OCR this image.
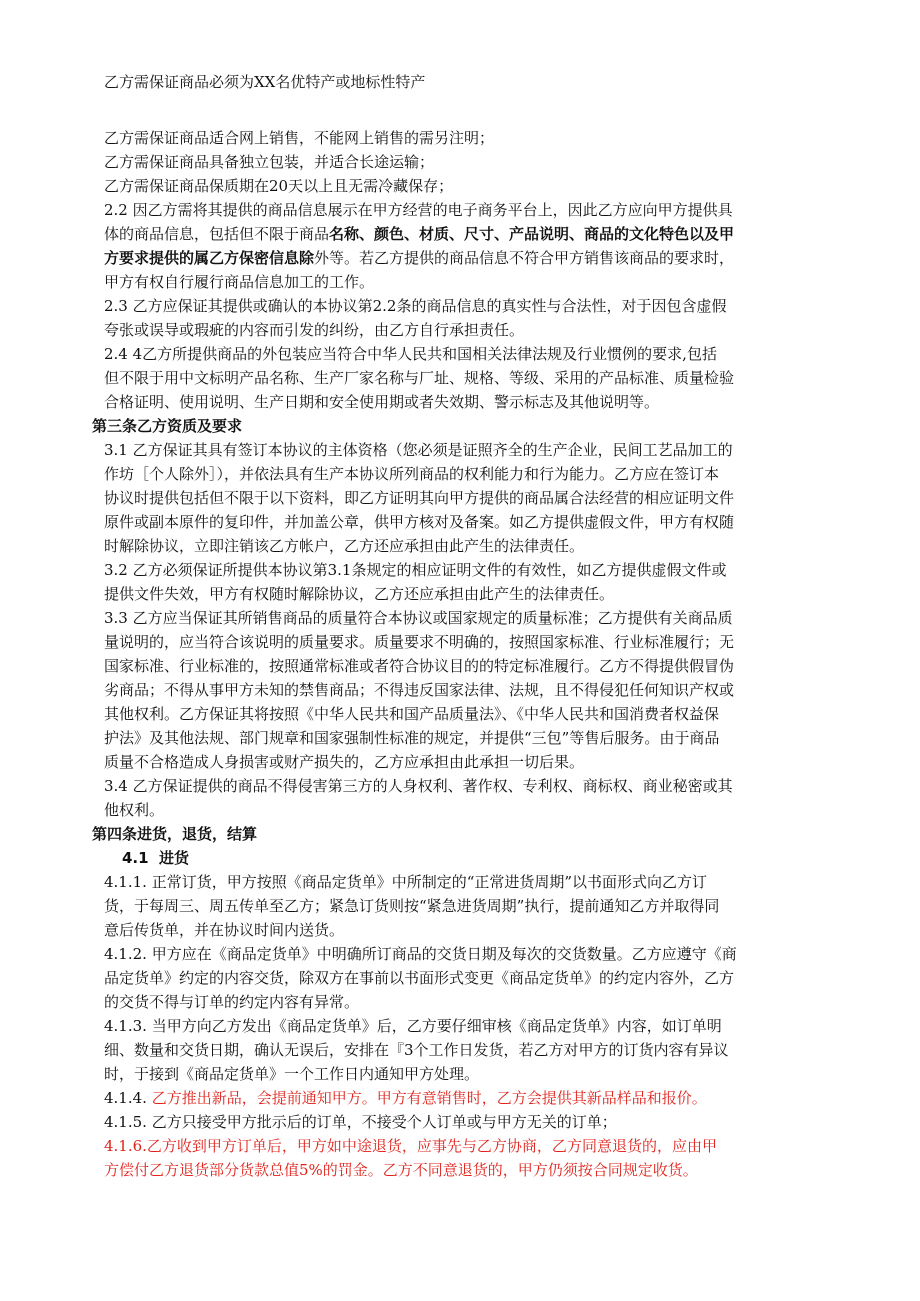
乙方需保证商品必须为XX名优特产或地标性特产
乙方需保证商品适合网上销售，不能网上销售的需另注明；
乙方需保证商品具备独立包装，并适合长途运输；
乙方需保证商品保质期在20天以上且无需冷藏保存；
2.2 因乙方需将其提供的商品信息展示在甲方经营的电子商务平台上，因此乙方应向甲方提供具
体的商品信息，包括但不限于商品名称、颜色、材质、尺寸、产品说明、商品的文化特色以及甲
方要求提供的属乙方保密信息除外等。若乙方提供的商品信息不符合甲方销售该商品的要求时，
甲方有权自行履行商品信息加工的工作。
2.3 乙方应保证其提供或确认的本协议第2.2条的商品信息的真实性与合法性，对于因包含虚假
夸张或误导或瑕疵的内容而引发的纠纷，由乙方自行承担责任。
2.4 4乙方所提供商品的外包装应当符合中华人民共和国相关法律法规及行业惯例的要求,包括
但不限于用中文标明产品名称、生产厂家名称与厂址、规格、等级、采用的产品标准、质量检验
合格证明、使用说明、生产日期和安全使用期或者失效期、警示标志及其他说明等。
第三条乙方资质及要求
3.1 乙方保证其具有签订本协议的主体资格（您必须是证照齐全的生产企业，民间工艺品加工的
作坊［个人除外］），并依法具有生产本协议所列商品的权利能力和行为能力。乙方应在签订本
协议时提供包括但不限于以下资料，即乙方证明其向甲方提供的商品属合法经营的相应证明文件
原件或副本原件的复印件，并加盖公章，供甲方核对及备案。如乙方提供虚假文件，甲方有权随
时解除协议，立即注销该乙方帐户，乙方还应承担由此产生的法律责任。
3.2 乙方必须保证所提供本协议第3.1条规定的相应证明文件的有效性，如乙方提供虚假文件或
提供文件失效，甲方有权随时解除协议，乙方还应承担由此产生的法律责任。
3.3 乙方应当保证其所销售商品的质量符合本协议或国家规定的质量标准；乙方提供有关商品质
量说明的，应当符合该说明的质量要求。质量要求不明确的，按照国家标准、行业标准履行；无
国家标准、行业标准的，按照通常标准或者符合协议目的的特定标准履行。乙方不得提供假冒伪
劣商品；不得从事甲方未知的禁售商品；不得违反国家法律、法规，且不得侵犯任何知识产权或
其他权利。乙方保证其将按照《中华人民共和国产品质量法》、《中华人民共和国消费者权益保
护法》及其他法规、部门规章和国家强制性标准的规定，并提供“三包”等售后服务。由于商品
质量不合格造成人身损害或财产损失的，乙方应承担由此承担一切后果。
3.4 乙方保证提供的商品不得侵害第三方的人身权利、著作权、专利权、商标权、商业秘密或其
他权利。
第四条进货，退货，结算
4.1  进货
4.1.1. 正常订货，甲方按照《商品定货单》中所制定的“正常进货周期”以书面形式向乙方订
货，于每周三、周五传单至乙方；紧急订货则按“紧急进货周期”执行，提前通知乙方并取得同
意后传货单，并在协议时间内送货。
4.1.2. 甲方应在《商品定货单》中明确所订商品的交货日期及每次的交货数量。乙方应遵守《商
品定货单》约定的内容交货，除双方在事前以书面形式变更《商品定货单》的约定内容外，乙方
的交货不得与订单的约定内容有异常。
4.1.3. 当甲方向乙方发出《商品定货单》后，乙方要仔细审核《商品定货单》内容，如订单明
细、数量和交货日期，确认无误后，安排在『3个工作日发货，若乙方对甲方的订货内容有异议
时，于接到《商品定货单》一个工作日内通知甲方处理。
4.1.4. 乙方推出新品，会提前通知甲方。甲方有意销售时，乙方会提供其新品样品和报价。
4.1.5. 乙方只接受甲方批示后的订单，不接受个人订单或与甲方无关的订单；
4.1.6.乙方收到甲方订单后，甲方如中途退货，应事先与乙方协商，乙方同意退货的，应由甲
方偿付乙方退货部分货款总值5%的罚金。乙方不同意退货的，甲方仍须按合同规定收货。
